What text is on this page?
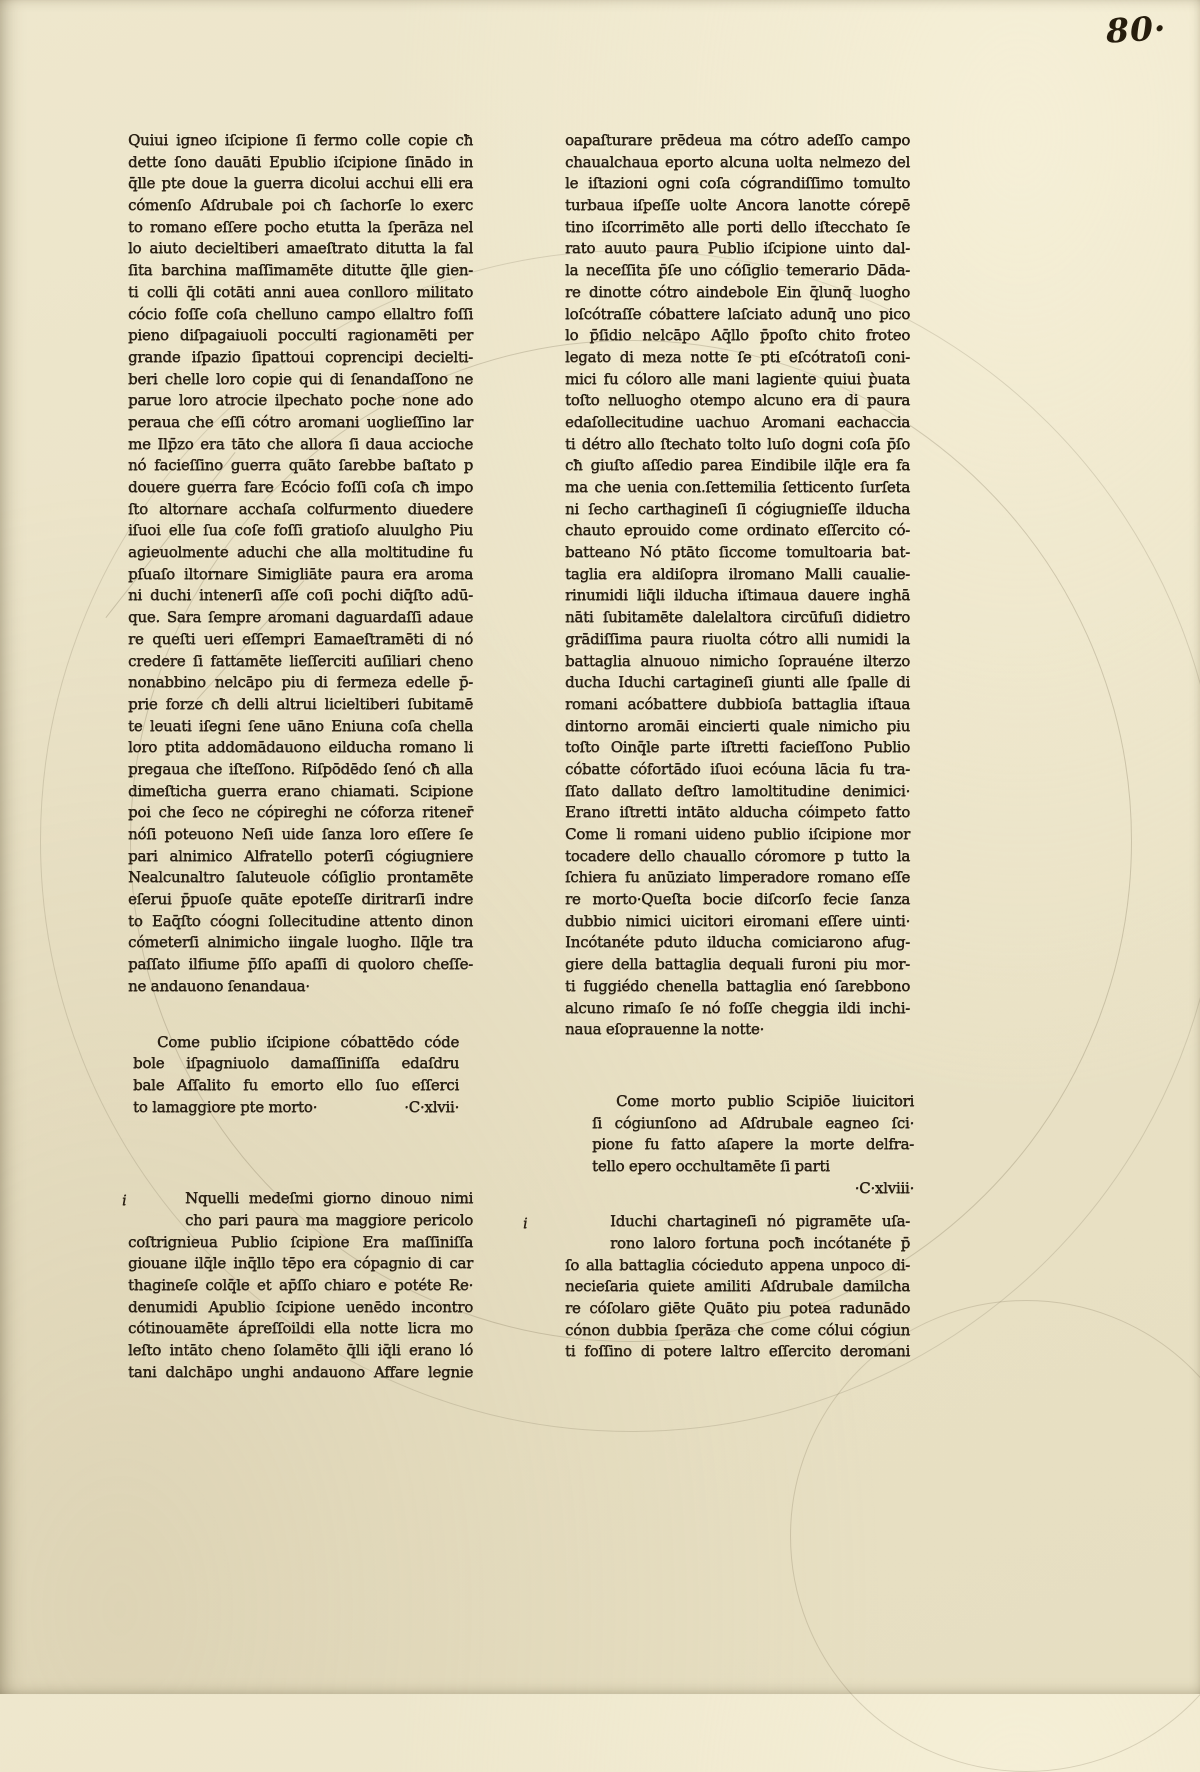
80·
Quiui igneo iſcipione ſi fermo colle copie cħ
dette ſono dauāti Epublio iſcipione ſinādo in
q̄lle pte doue la guerra dicolui acchui elli era
cómenſo Aſdrubale poi cħ ſachorſe lo exerc
to romano eſſere pocho etutta la ſperāza nel
lo aiuto decieltiberi amaeſtrato ditutta la fal
ſita barchina maſſimamēte ditutte q̄lle gien-
ti colli q̄li cotāti anni auea conlloro militato
cócio foſſe coſa chelluno campo ellaltro foſſi
pieno diſpagaiuoli pocculti ragionamēti per
grande iſpazio ſipattoui coprencipi decielti-
beri chelle loro copie qui di ſenandaſſono ne
parue loro atrocie ilpechato poche none ado
peraua che eſſi cótro aromani uoglieſſino lar
me Ilp̄zo era tāto che allora ſi daua accioche
nó facieſſino guerra quāto ſarebbe baſtato p
douere guerra fare Ecócio foſſi coſa cħ impo
ſto altornare acchaſa colfurmento diuedere
iſuoi elle ſua coſe foſſi gratioſo aluulgho Piu
agieuolmente aduchi che alla moltitudine fu
pſuaſo iltornare Simigliāte paura era aroma
ni duchi intenerſi aſſe coſi pochi diq̄ſto adū-
que. Sara ſempre aromani daguardaſſi adaue
re queſti ueri eſſempri Eamaeſtramēti di nó
credere ſi fattamēte lieſſerciti auſiliari cheno
nonabbino nelcāpo piu di fermeza edelle p̄-
prie forze cħ delli altrui licieltiberi ſubitamē
te leuati iſegni ſene uāno Eniuna coſa chella
loro ptita addomādauono eilducha romano li
pregaua che iſteſſono. Riſpōdēdo ſenó cħ alla
dimeſticha guerra erano chiamati. Scipione
poi che ſeco ne cópireghi ne cóforza ritener̄
nóſi poteuono Neſi uide ſanza loro eſſere ſe
pari alnimico Alfratello poterſi cógiugniere
Nealcunaltro ſaluteuole cóſiglio prontamēte
eſerui p̄puoſe quāte epoteſſe diritrarſi indre
to Eaq̄ſto cóogni ſollecitudine attento dinon
cómeterſi alnimicho iingale luogho. Ilq̄le tra
paſſato ilfiume p̄ſſo apaſſi di quoloro cheſſe-
ne andauono ſenandaua·
Come publio iſcipione cóbattēdo códe
bole iſpagniuolo damaſſiniſſa edaſdru
bale Aſſalito fu emorto ello ſuo eſſerci
to lamaggiore pte morto·	·C·xlvii·
i	Nquelli medeſmi giorno dinouo nimi
cho pari paura ma maggiore pericolo
coſtrignieua Publio ſcipione Era maſſiniſſa
giouane ilq̄le inq̄llo tēpo era cópagnio di car
thagineſe colq̄le et ap̄ſſo chiaro e potéte Re·
denumidi Apublio ſcipione uenēdo incontro
cótinouamēte ápreſſoildi ella notte licra mo
leſto intāto cheno ſolamēto q̄lli iq̄li erano ló
tani dalchāpo unghi andauono Affare legnie
oapaſturare prēdeua ma cótro adeſſo campo
chaualchaua eporto alcuna uolta nelmezo del
le iſtazioni ogni coſa cógrandiſſimo tomulto
turbaua iſpeſſe uolte Ancora lanotte córepē
tino iſcorrimēto alle porti dello iſtecchato ſe
rato auuto paura Publio iſcipione uinto dal-
la neceſſita p̄ſe uno cóſiglio temerario Dāda-
re dinotte cótro aindebole Ein q̄lunq̄ luogho
loſcótraſſe cóbattere laſciato adunq̄ uno pico
lo p̄ſidio nelcāpo Aq̄llo p̄poſto chito froteo
legato di meza notte ſe pti eſcótratoſi coni-
mici fu cóloro alle mani lagiente quiui p̀uata
toſto nelluogho otempo alcuno era di paura
edaſollecitudine uachuo Aromani eachaccia
ti détro allo ſtechato tolto luſo dogni coſa p̄ſo
cħ giuſto aſſedio parea Eindibile ilq̄le era fa
ma che uenia con.ſettemilia ſetticento ſurſeta
ni ſecho carthagineſi ſi cógiugnieſſe ilducha
chauto eprouido come ordinato eſſercito có-
batteano Nó ptāto ſiccome tomultoaria bat-
taglia era aldiſopra ilromano Malli caualie-
rinumidi liq̄li ilducha iſtimaua dauere inghā
nāti ſubitamēte dalelaltora circūfuſi didietro
grādiſſima paura riuolta cótro alli numidi la
battaglia alnuouo nimicho ſoprauéne ilterzo
ducha Iduchi cartagineſi giunti alle ſpalle di
romani acóbattere dubbioſa battaglia iſtaua
dintorno aromāi eincierti quale nimicho piu
toſto Oinq̄le parte iſtretti facieſſono Publio
cóbatte cófortādo iſuoi ecóuna lācia fu tra-
ſſato dallato deſtro lamoltitudine denimici·
Erano iſtretti intāto alducha cóimpeto fatto
Come li romani uideno publio iſcipione mor
tocadere dello chauallo córomore p tutto la
ſchiera fu anūziato limperadore romano eſſe
re morto·Queſta bocie diſcorſo fecie ſanza
dubbio nimici uicitori eiromani eſſere uinti·
Incótanéte pduto ilducha comiciarono afug-
giere della battaglia dequali furoni piu mor-
ti fuggiédo chenella battaglia enó ſarebbono
alcuno rimaſo ſe nó foſſe cheggia ildi inchi-
naua eſoprauenne la notte·
Come morto publio Scipiōe liuicitori
ſi cógiunſono ad Aſdrubale eagneo ſci·
pione fu fatto aſapere la morte delfra-
tello epero occhultamēte ſi parti
·C·xlviii·
i	Iduchi chartagineſi nó pigramēte uſa-
rono laloro fortuna pocħ incótanéte p̄
ſo alla battaglia cócieduto appena unpoco di-
necieſaria quiete amiliti Aſdrubale damilcha
re cóſolaro giēte Quāto piu potea radunādo
cónon dubbia ſperāza che come cólui cógiun
ti foſſino di potere laltro eſſercito deromani
